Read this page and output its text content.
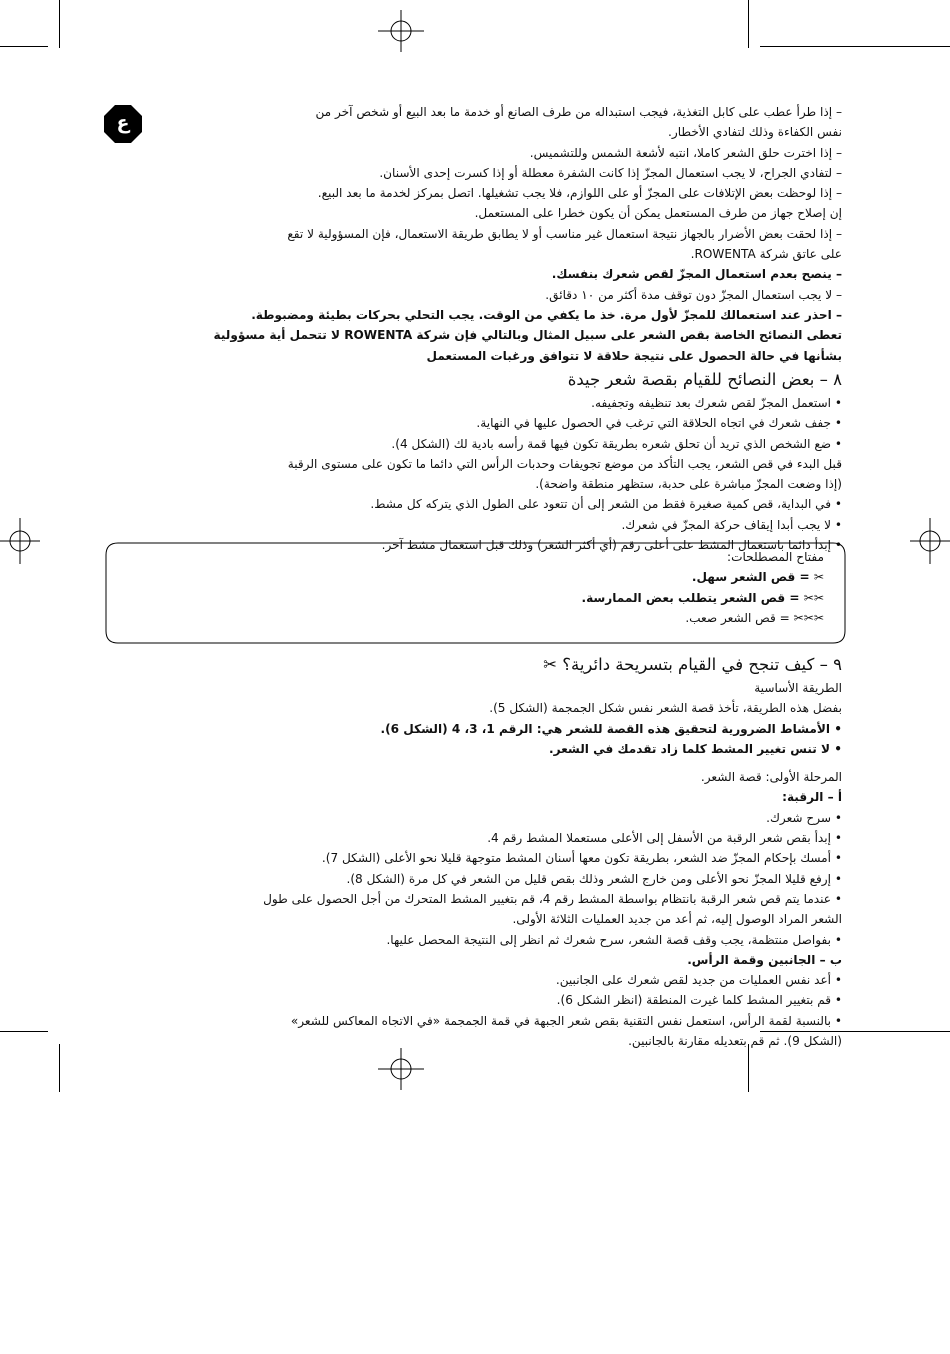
ع	– إذا طرأ عطب على كابل التغذية، فيجب استبداله من طرف الصانع أو خدمة ما بعد البيع أو شخص آخر من
نفس الكفاءة وذلك لتفادي الأخطار.
– إذا اخترت حلق الشعر كاملا، انتبه لأشعة الشمس وللتشميس.
– لتفادي الجراح، لا يجب استعمال المجزّ إذا كانت الشفرة معطلة أو إذا كسرت إحدى الأسنان.
– إذا لوحظت بعض الإتلافات على المجزّ أو على اللوازم، فلا يجب تشغيلها. اتصل بمركز لخدمة ما بعد البيع.
إن إصلاح جهاز من طرف المستعمل يمكن أن يكون خطرا على المستعمل.
– إذا لحقت بعض الأضرار بالجهاز نتيجة استعمال غير مناسب أو لا يطابق طريقة الاستعمال، فإن المسؤولية لا تقع
على عاتق شركة ROWENTA.
– ينصح بعدم استعمال المجزّ لقص شعرك بنفسك.
– لا يجب استعمال المجزّ دون توقف مدة أكثر من ١٠ دقائق.
– احذر عند استعمالك للمجزّ لأول مرة. خذ ما يكفي من الوقت. يجب التحلي بحركات بطيئة ومضبوطة.
تعطى النصائح الخاصة بقص الشعر على سبيل المثال وبالتالي فإن شركة ROWENTA لا تتحمل أية مسؤولية
بشأنها في حالة الحصول على نتيجة حلاقة لا تتوافق ورغبات المستعمل
٨ – بعض النصائح للقيام بقصة شعر جيدة
• استعمل المجزّ لقص شعرك بعد تنظيفه وتجفيفه.
• جفف شعرك في اتجاه الحلاقة التي ترغب في الحصول عليها في النهاية.
• ضع الشخص الذي تريد أن تحلق شعره بطريقة تكون فيها قمة رأسه بادية لك (الشكل 4).
قبل البدء في قص الشعر، يجب التأكد من موضع تجويفات وحدبات الرأس التي دائما ما تكون على مستوى الرقبة
(إذا وضعت المجزّ مباشرة على حدبة، ستظهر منطقة واضحة).
• في البداية، قص كمية صغيرة فقط من الشعر إلى أن تتعود على الطول الذي يتركه كل مشط.
• لا يجب أبدا إيقاف حركة المجزّ في شعرك.
• إبدأ دائما باستعمال المشط على أعلى رقم (أي أكثر الشعر) وذلك قبل استعمال مشط آخر.
مفتاح المصطلحات:
✂ = قص الشعر سهل.
✂✂ = قص الشعر يتطلب بعض الممارسة.
✂✂✂ = قص الشعر صعب.
٩ – كيف تنجح في القيام بتسريحة دائرية؟ ✂
الطريقة الأساسية
بفضل هذه الطريقة، تأخذ قصة الشعر نفس شكل الجمجمة (الشكل 5).
• الأمشاط الضرورية لتحقيق هذه القصة للشعر هي: الرقم 1، 3، 4 (الشكل 6).
• لا تنس تغيير المشط كلما زاد تقدمك في الشعر.
المرحلة الأولى: قصة الشعر.
أ – الرقبة:
• سرح شعرك.
• إبدأ بقص شعر الرقبة من الأسفل إلى الأعلى مستعملا المشط رقم 4.
• أمسك بإحكام المجزّ ضد الشعر، بطريقة تكون معها أسنان المشط متوجهة قليلا نحو الأعلى (الشكل 7).
• إرفع قليلا المجزّ نحو الأعلى ومن خارج الشعر وذلك بقص قليل من الشعر في كل مرة (الشكل 8).
• عندما يتم قص شعر الرقبة بانتظام بواسطة المشط رقم 4، قم بتغيير المشط المتحرك من أجل الحصول على طول
الشعر المراد الوصول إليه، ثم أعد من جديد العمليات الثلاثة الأولى.
• بفواصل منتظمة، يجب وقف قصة الشعر، سرح شعرك ثم انظر إلى النتيجة المحصل عليها.
ب – الجانبين وقمة الرأس.
• أعد نفس العمليات من جديد لقص شعرك على الجانبين.
• قم بتغيير المشط كلما غيرت المنطقة (انظر الشكل 6).
• بالنسبة لقمة الرأس، استعمل نفس التقنية بقص شعر الجبهة في قمة الجمجمة «في الاتجاه المعاكس للشعر»
(الشكل 9). ثم قم بتعديله مقارنة بالجانبين.
